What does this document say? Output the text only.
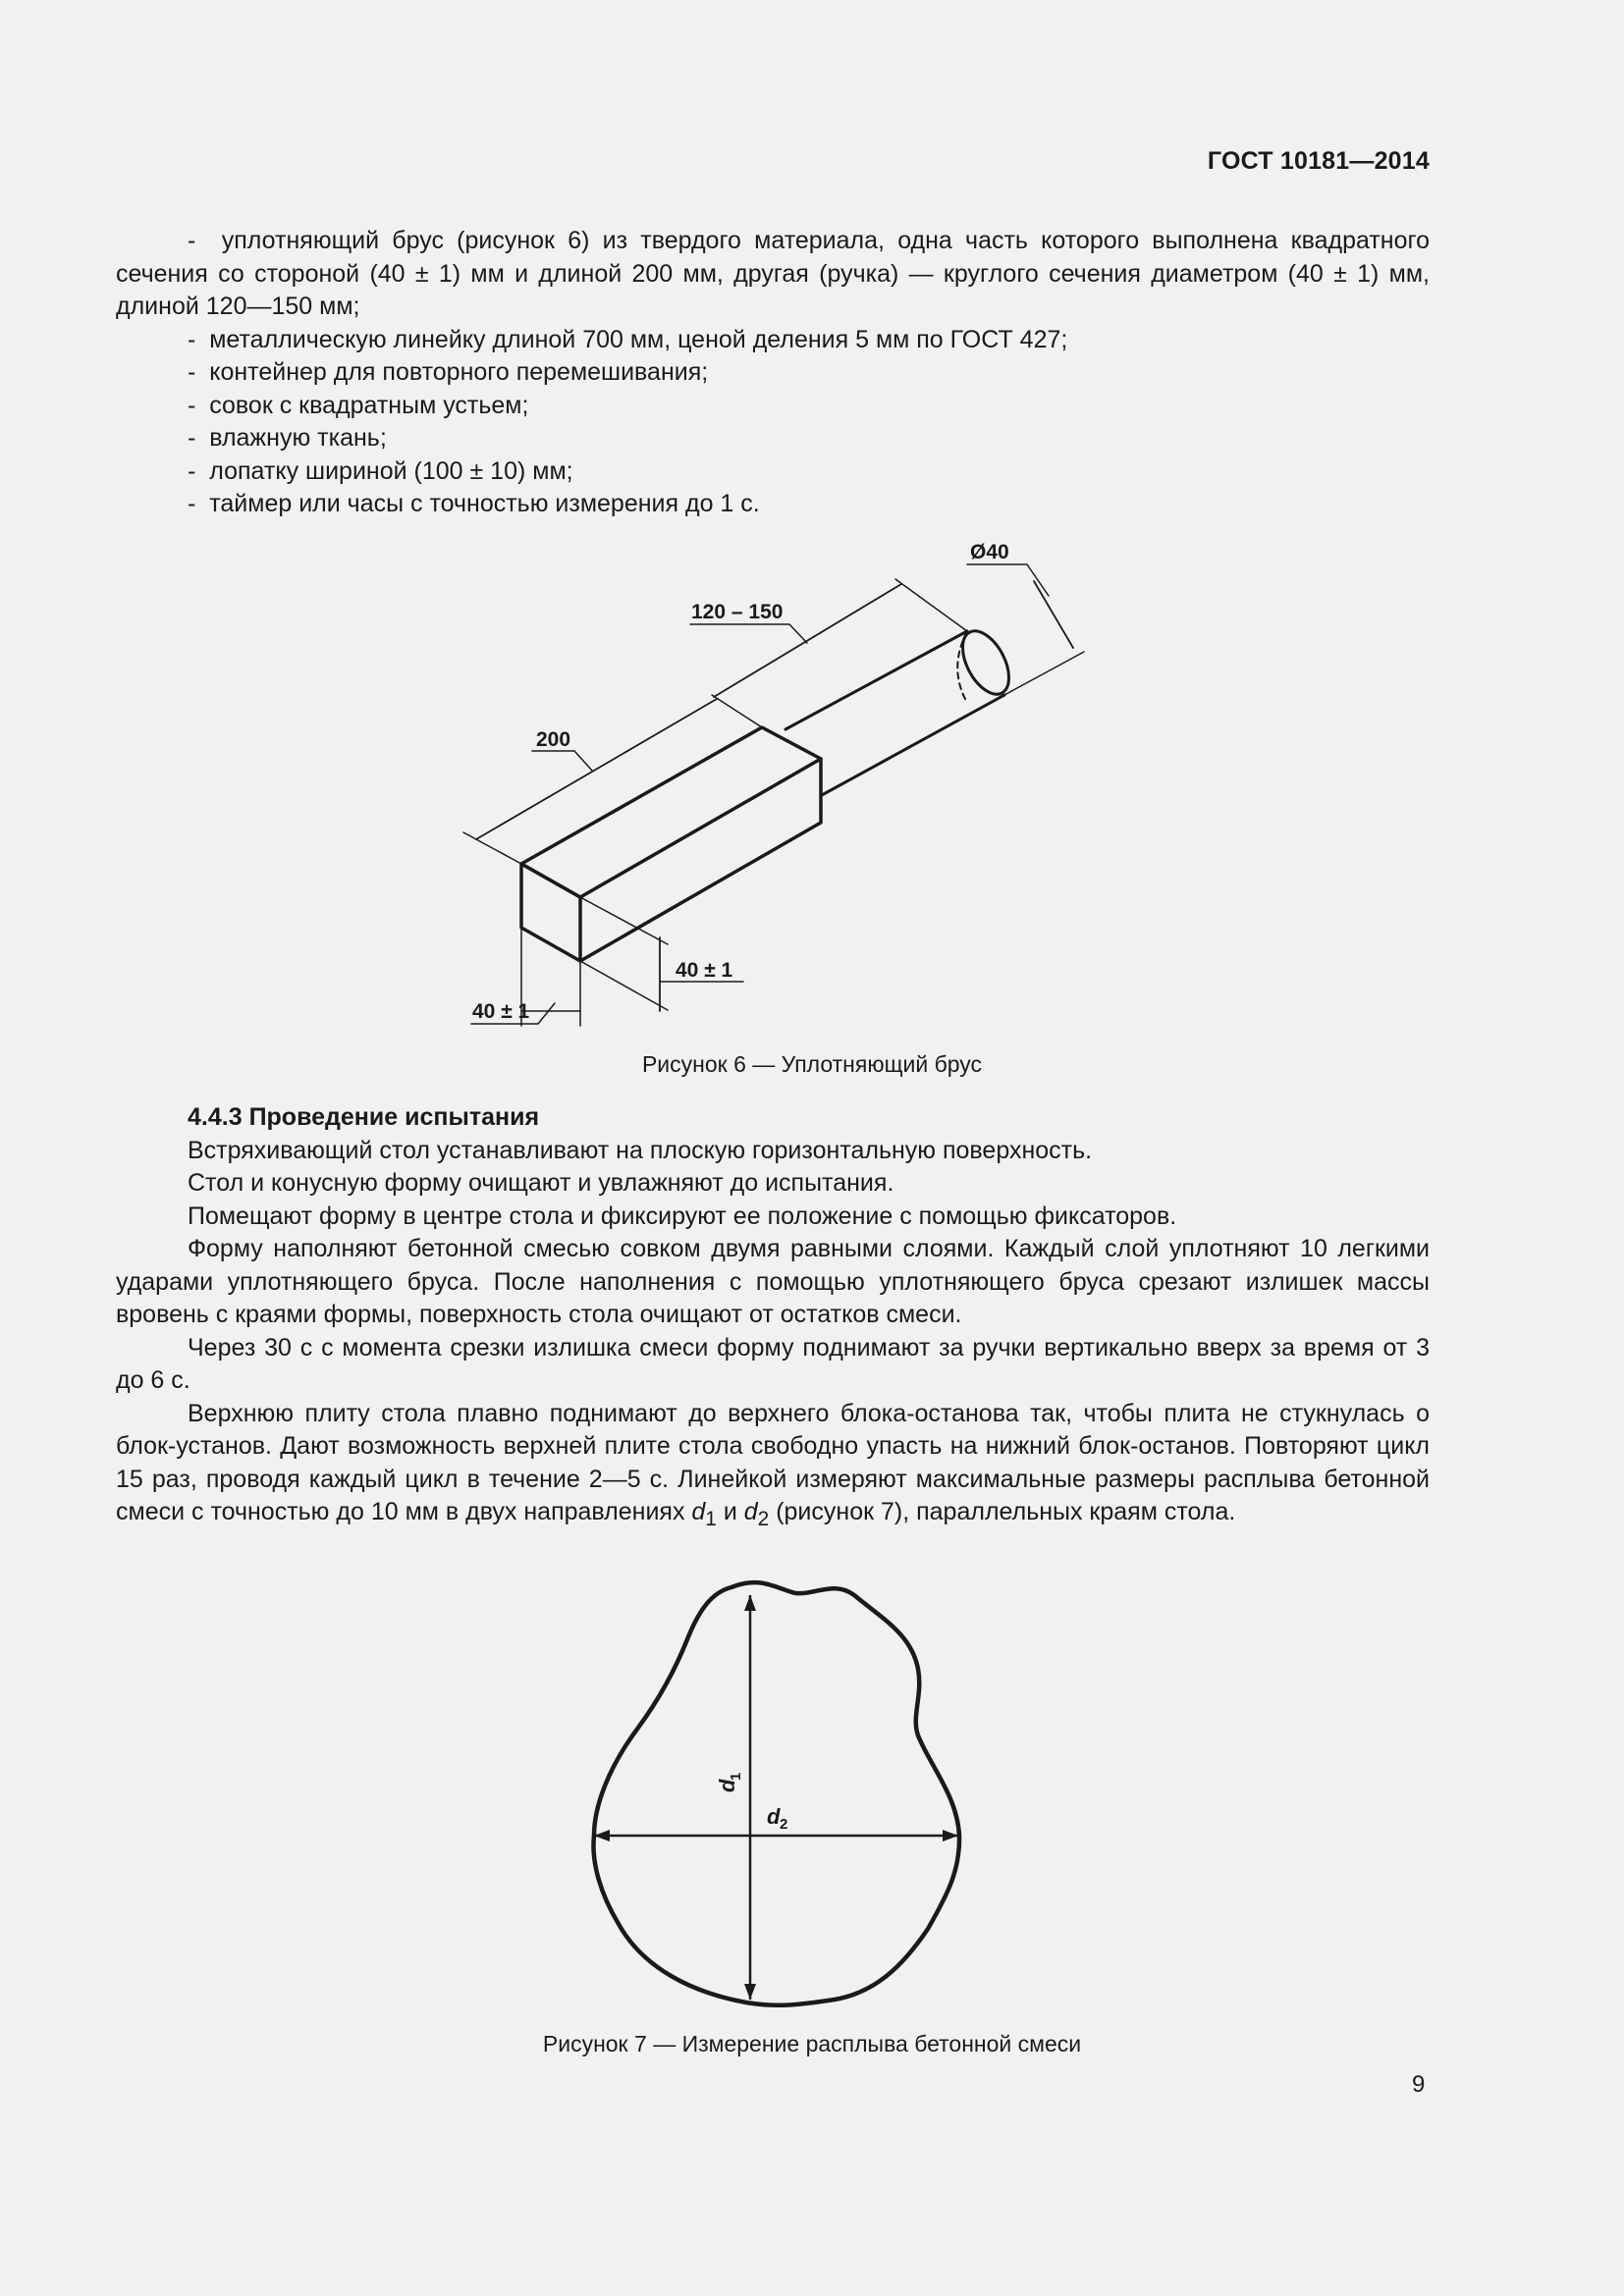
ГОСТ 10181—2014

- уплотняющий брус (рисунок 6) из твердого материала, одна часть которого выполнена квадратного сечения со стороной (40 ± 1) мм и длиной 200 мм, другая (ручка) — круглого сечения диаметром (40 ± 1) мм, длиной 120—150 мм;

- металлическую линейку длиной 700 мм, ценой деления 5 мм по ГОСТ 427;

- контейнер для повторного перемешивания;

- совок с квадратным устьем;

- влажную ткань;

- лопатку шириной (100 ± 10) мм;

- таймер или часы с точностью измерения до 1 с.

Ø40
120 – 150
200
40 ± 1
40 ± 1
Рисунок 6 — Уплотняющий брус

4.4.3 Проведение испытания

Встряхивающий стол устанавливают на плоскую горизонтальную поверхность.

Стол и конусную форму очищают и увлажняют до испытания.

Помещают форму в центре стола и фиксируют ее положение с помощью фиксаторов.

Форму наполняют бетонной смесью совком двумя равными слоями. Каждый слой уплотняют 10 легкими ударами уплотняющего бруса. После наполнения с помощью уплотняющего бруса срезают излишек массы вровень с краями формы, поверхность стола очищают от остатков смеси.

Через 30 с с момента срезки излишка смеси форму поднимают за ручки вертикально вверх за время от 3 до 6 с.

Верхнюю плиту стола плавно поднимают до верхнего блока-останова так, чтобы плита не стукнулась о блок-установ. Дают возможность верхней плите стола свободно упасть на нижний блок-останов. Повторяют цикл 15 раз, проводя каждый цикл в течение 2—5 с. Линейкой измеряют максимальные размеры расплыва бетонной смеси с точностью до 10 мм в двух направлениях $d_1$ и $d_2$ (рисунок 7), параллельных краям стола.

d
1
d 2
Рисунок 7 — Измерение расплыва бетонной смеси
9
